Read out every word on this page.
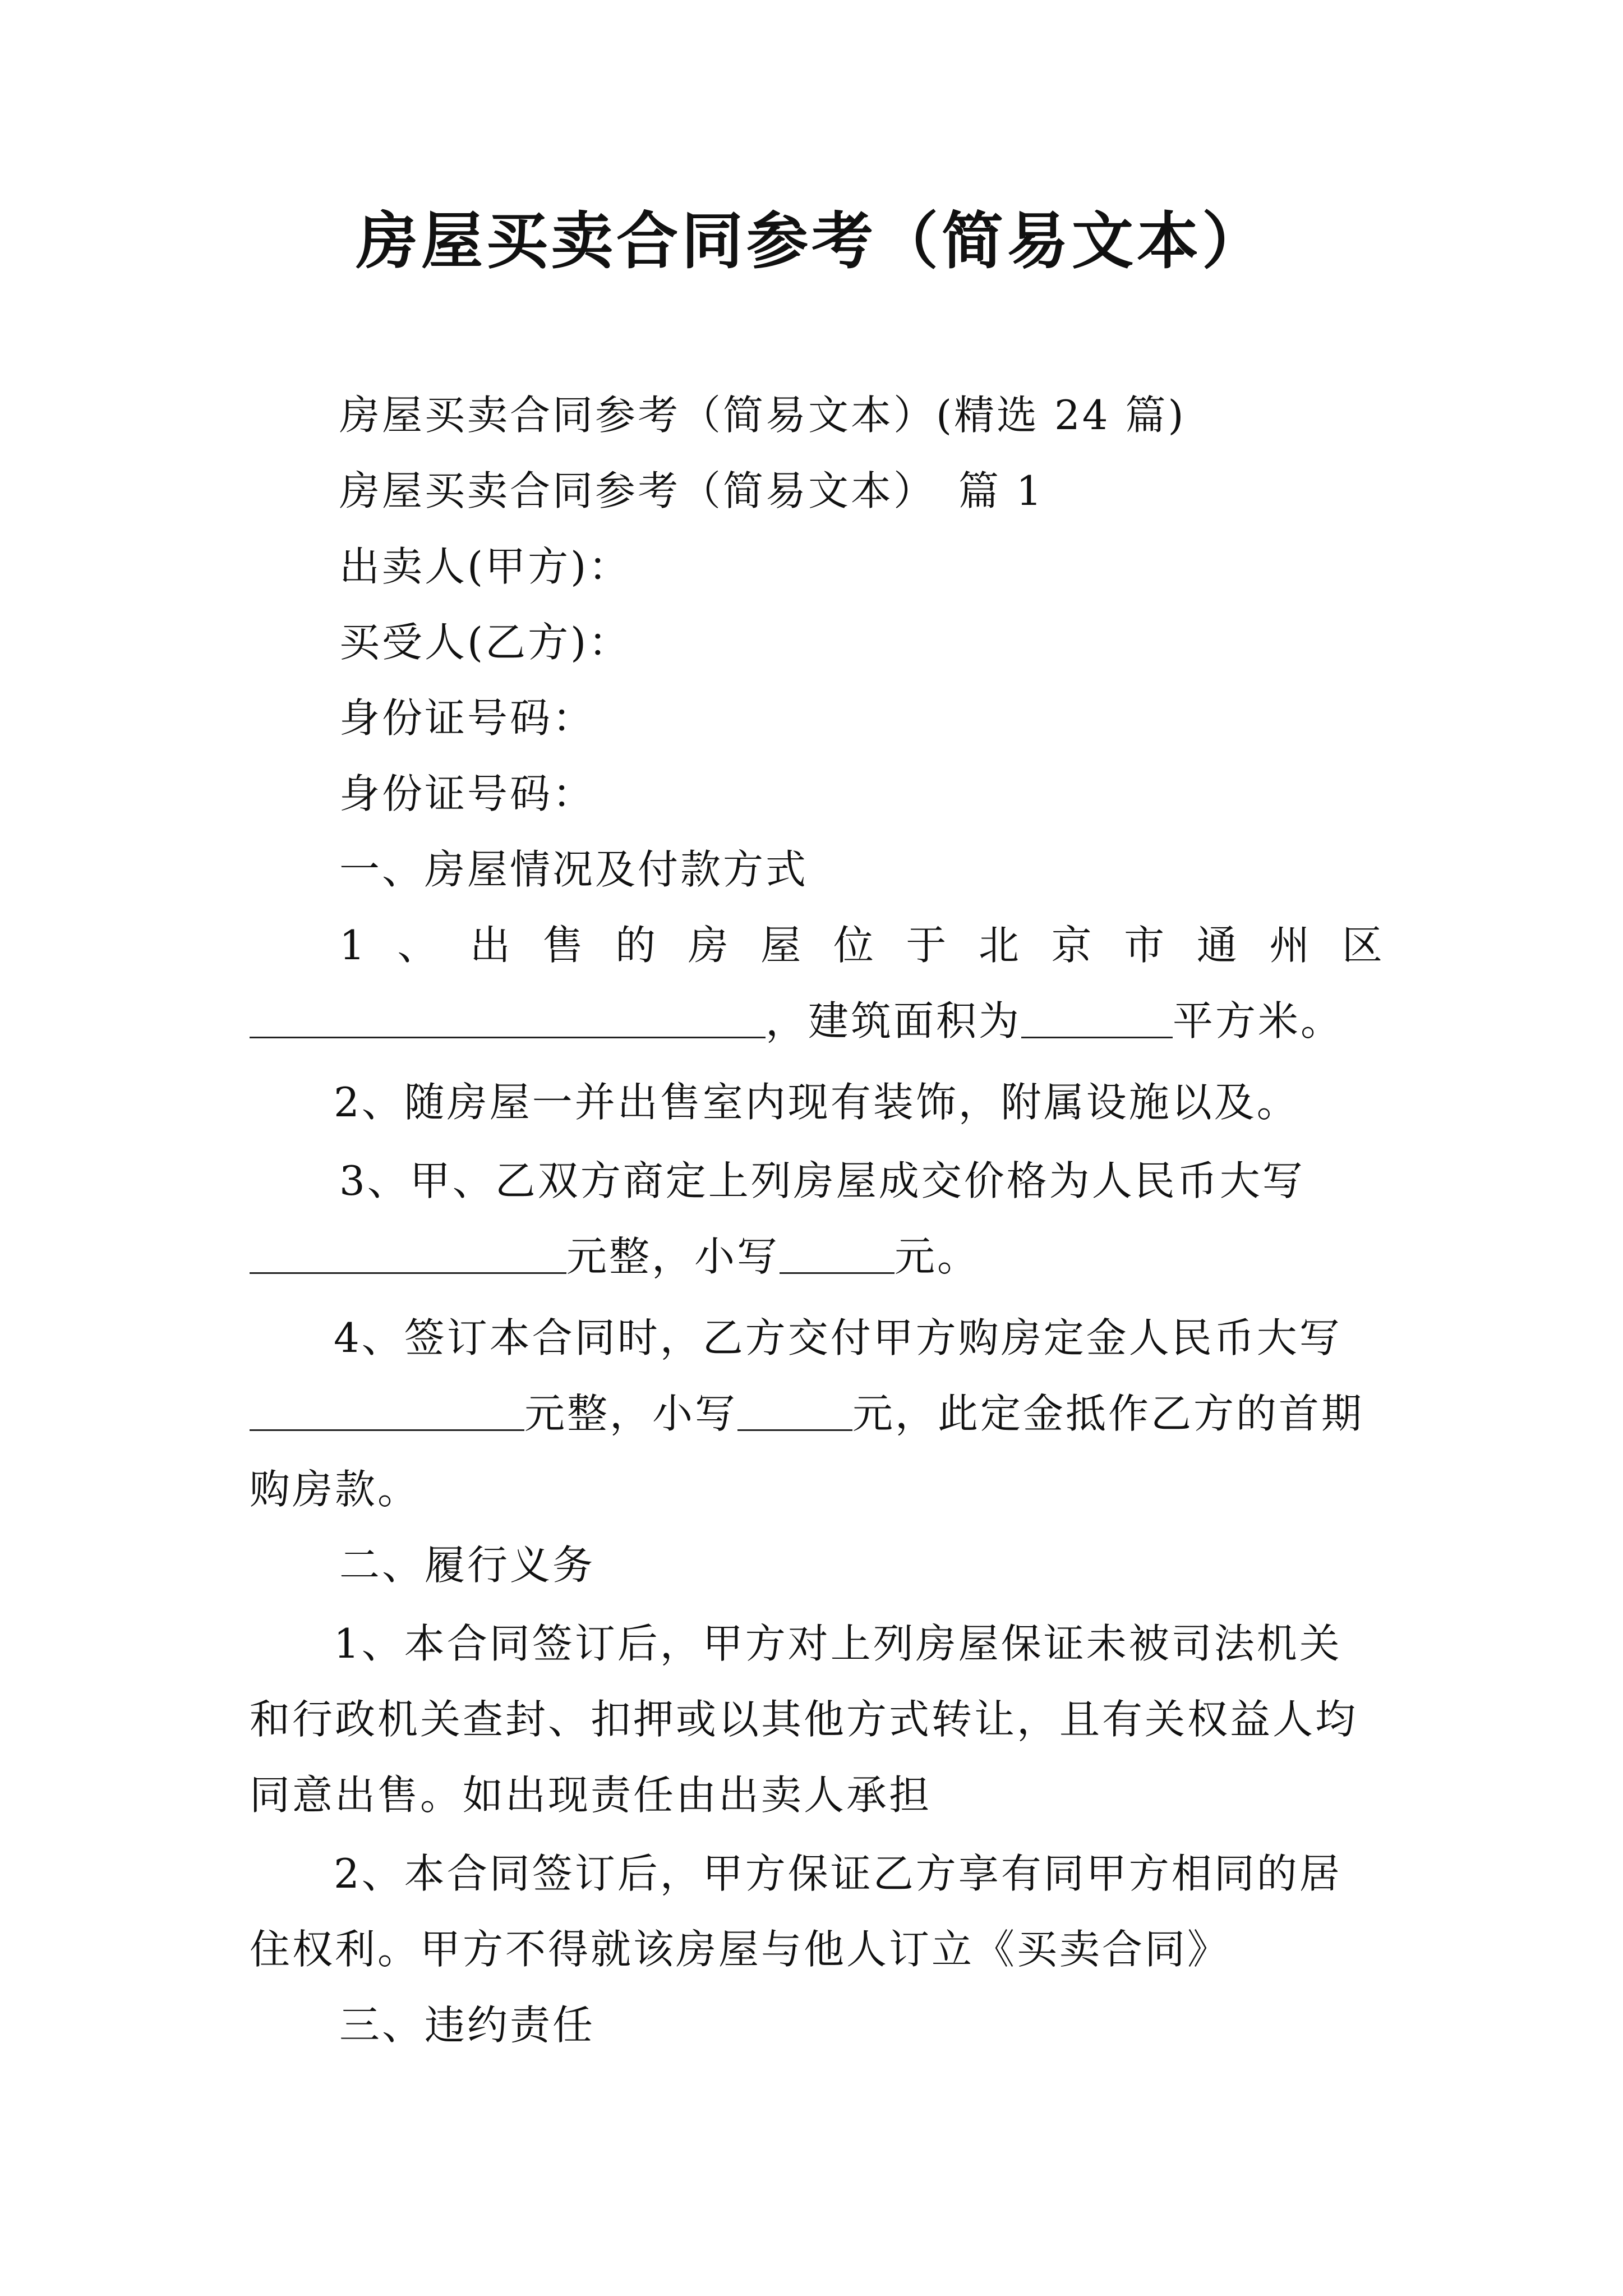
房屋买卖合同参考（简易文本）
房屋买卖合同参考（简易文本）(精选 24 篇)
房屋买卖合同参考（简易文本）　篇 1
出卖人(甲方)：
买受人(乙方)：
身份证号码：
身份证号码：
一、房屋情况及付款方式
1 、 出 售 的 房 屋 位 于 北 京 市 通 州 区
，建筑面积为	平方米。
2、随房屋一并出售室内现有装饰，附属设施以及。
3、甲、乙双方商定上列房屋成交价格为人民币大写
元整，小写	元。
4、签订本合同时，乙方交付甲方购房定金人民币大写
元整，小写	元，此定金抵作乙方的首期
购房款。
二、履行义务
1、本合同签订后，甲方对上列房屋保证未被司法机关
和行政机关查封、扣押或以其他方式转让，且有关权益人均
同意出售。如出现责任由出卖人承担
2、本合同签订后，甲方保证乙方享有同甲方相同的居
住权利。甲方不得就该房屋与他人订立《买卖合同》
三、违约责任
